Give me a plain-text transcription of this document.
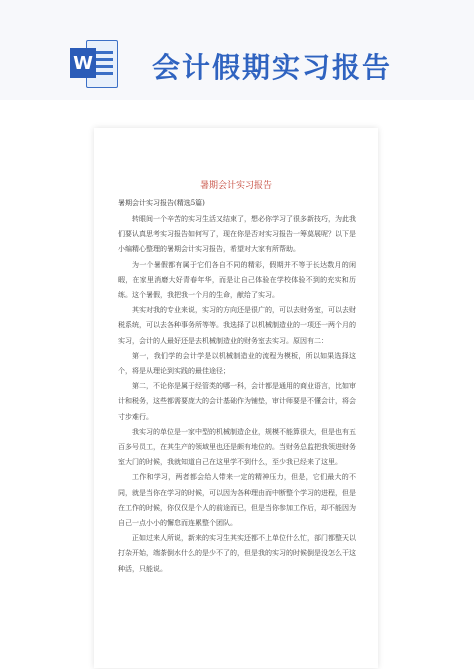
W 会计假期实习报告
暑期会计实习报告
暑期会计实习报告(精选5篇)

转眼间一个辛苦的实习生活又结束了，想必你学习了很多新技巧，为此我们要认真思考实习报告如何写了，现在你是否对实习报告一筹莫展呢？以下是小编精心整理的暑期会计实习报告，希望对大家有所帮助。

为一个暑假都有属于它们各自不同的精彩，假期并不等于长达数月的闲暇，在家里消磨大好青春年华，而是让自己体验在学校体验不到的充实和历练。这个暑假，我把我一个月的生命，献给了实习。

其实对我的专业来说，实习的方向还是很广的，可以去财务室，可以去财税系统，可以去各种事务所等等。我选择了以机械制造业的一项还一两个月的实习，会计的人最好还是去机械制造业的财务室去实习。原因有二：

第一，我们学的会计学是以机械制造业的流程为模板，所以如果选择这个，将是从理论到实践的最佳途径；

第二，不论你是属于经管类的哪一科，会计都是通用的商业语言，比如审计和税务，这些都需要庞大的会计基础作为铺垫，审计师要是不懂会计，将会寸步难行。

我实习的单位是一家中型的机械制造企业，规模不能算很大，但是也有五百多号员工，在其生产的领域里也还是颇有地位的。当财务总监把我领进财务室大门的时候，我就知道自己在这里学不到什么，至少我已经来了这里。

工作和学习，两者都会给人带来一定的精神压力，但是，它们最大的不同，就是当你在学习的时候，可以因为各种理由而中断整个学习的进程，但是在工作的时候，你仅仅是个人的前途而已，但是当你参加工作后，却不能因为自己一点小小的懈怠而连累整个团队。

正如过来人所说，新来的实习生其实还都不上单位什么忙，部门都整天以打杂开始，端茶倒水什么的是少不了的，但是我的实习的时候倒是没怎么干这种活，只能说。
